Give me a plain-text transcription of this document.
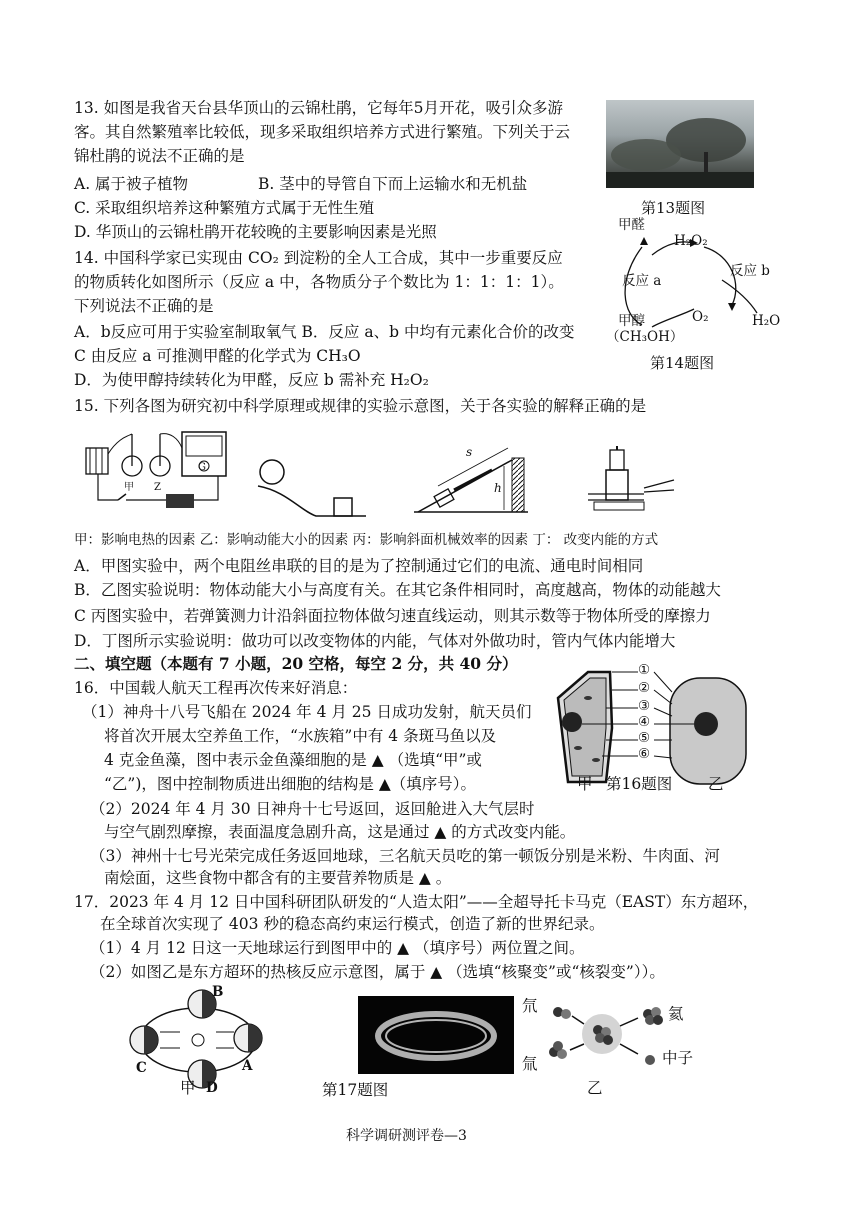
13. 如图是我省天台县华顶山的云锦杜鹃，它每年5月开花，吸引众多游
客。其自然繁殖率比较低，现多采取组织培养方式进行繁殖。下列关于云
锦杜鹃的说法不正确的是
A. 属于被子植物	B. 茎中的导管自下而上运输水和无机盐
C. 采取组织培养这种繁殖方式属于无性生殖
D. 华顶山的云锦杜鹃开花较晚的主要影响因素是光照
第13题图
14. 中国科学家已实现由 CO₂ 到淀粉的全人工合成，其中一步重要反应
的物质转化如图所示（反应 a 中，各物质分子个数比为 1：1：1：1）。
下列说法不正确的是
A．b反应可用于实验室制取氧气 B．反应 a、b 中均有元素化合价的改变
C 由反应 a 可推测甲醛的化学式为 CH₃O
D．为使甲醇持续转化为甲醛，反应 b 需补充 H₂O₂
甲醛
H₂O₂
反应 a
反应 b
甲醇
（CH₃OH）
O₂	H₂O
第14题图
15. 下列各图为研究初中科学原理或规律的实验示意图，关于各实验的解释正确的是
甲 Z
G
s
h
甲：影响电热的因素 乙：影响动能大小的因素 丙：影响斜面机械效率的因素 丁： 改变内能的方式
A．甲图实验中，两个电阻丝串联的目的是为了控制通过它们的电流、通电时间相同
B．乙图实验说明：物体动能大小与高度有关。在其它条件相同时，高度越高，物体的动能越大
C 丙图实验中，若弹簧测力计沿斜面拉物体做匀速直线运动，则其示数等于物体所受的摩擦力
D．丁图所示实验说明：做功可以改变物体的内能，气体对外做功时，管内气体内能增大
二、填空题（本题有 7 小题，20 空格，每空 2 分，共 40 分）
16．中国载人航天工程再次传来好消息：
（1）神舟十八号飞船在 2024 年 4 月 25 日成功发射，航天员们
将首次开展太空养鱼工作，“水族箱”中有 4 条斑马鱼以及
4 克金鱼藻，图中表示金鱼藻细胞的是 ▲ （选填“甲”或
“乙”)，图中控制物质进出细胞的结构是 ▲（填序号）。
（2）2024 年 4 月 30 日神舟十七号返回，返回舱进入大气层时
与空气剧烈摩擦，表面温度急剧升高，这是通过 ▲ 的方式改变内能。
（3）神州十七号光荣完成任务返回地球，三名航天员吃的第一顿饭分别是米粉、牛肉面、河
南烩面，这些食物中都含有的主要营养物质是 ▲ 。
①
②
③
④
⑤
⑥
甲 第16题图 乙
17．2023 年 4 月 12 日中国科研团队研发的“人造太阳”——全超导托卡马克（EAST）东方超环，
在全球首次实现了 403 秒的稳态高约束运行模式，创造了新的世界纪录。
（1）4 月 12 日这一天地球运行到图甲中的 ▲ （填序号）两位置之间。
（2）如图乙是东方超环的热核反应示意图，属于 ▲ （选填“核聚变”或“核裂变”））。
B
C	A
D
甲	第17题图
氘
氚
氦
中子
乙
科学调研测评卷—3
